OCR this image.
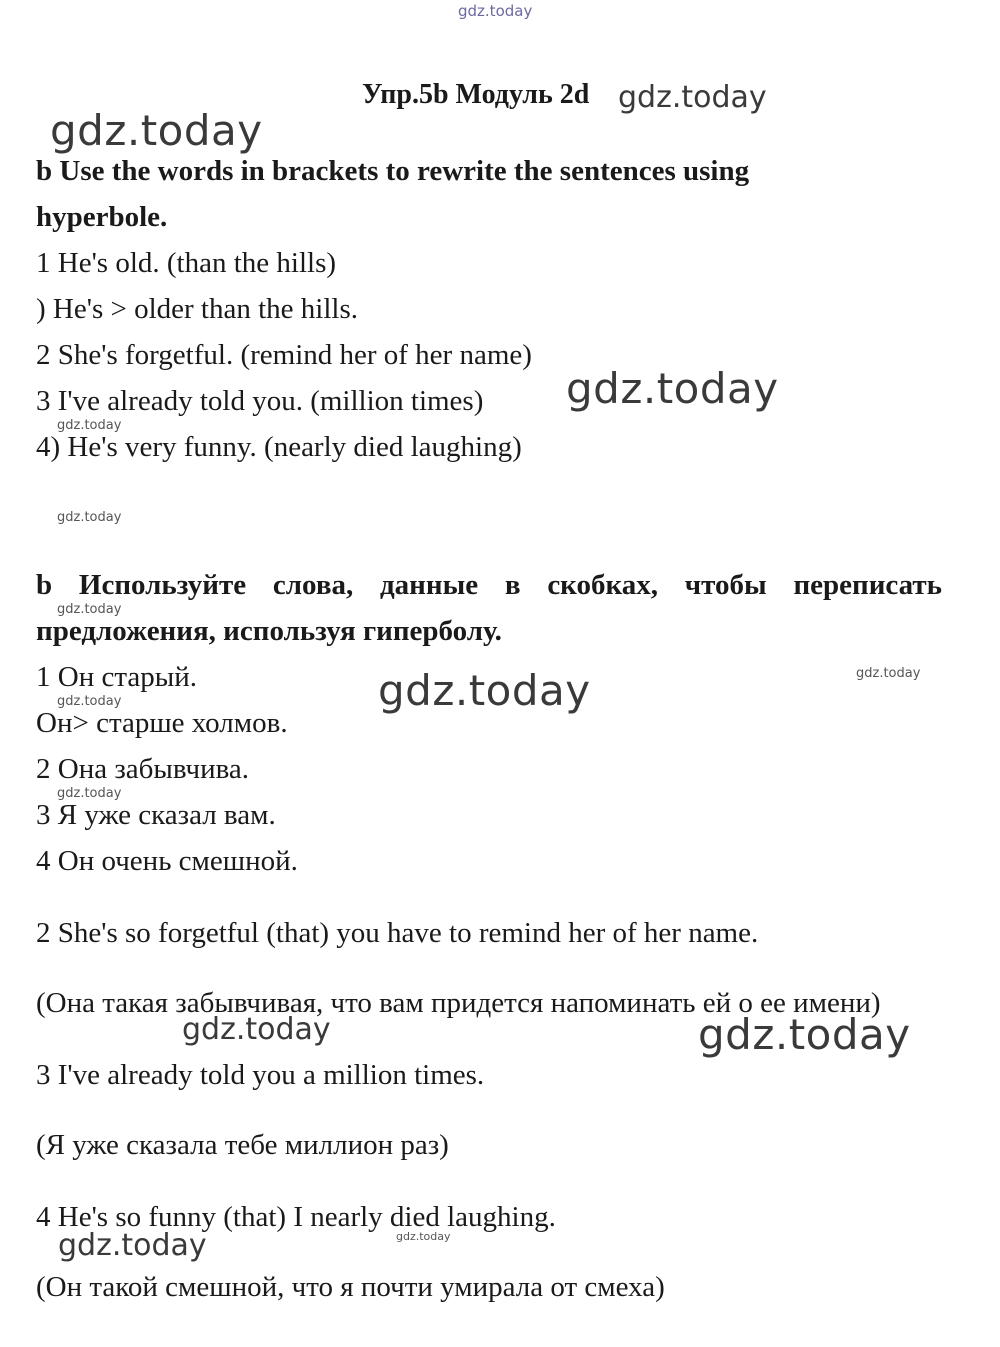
gdz.today
gdz.today
gdz.today
gdz.today
gdz.today
gdz.today
gdz.today
gdz.today
gdz.today
gdz.today
gdz.today
gdz.today	gdz.today
gdz.today
gdz.today

Упр.5b Модуль 2d

b Use the words in brackets to rewrite the sentences using

hyperbole.

1 He's old. (than the hills)

) He's > older than the hills.

2 She's forgetful. (remind her of her name)

3 I've already told you. (million times)

4) He's very funny. (nearly died laughing)

b Используйте слова, данные в скобках, чтобы переписать

предложения, используя гиперболу.

1 Он старый.

Он> старше холмов.

2 Она забывчива.

3 Я уже сказал вам.

4 Он очень смешной.

2 She's so forgetful (that) you have to remind her of her name.

(Она такая забывчивая, что вам придется напоминать ей о ее имени)

3 I've already told you a million times.

(Я уже сказала тебе миллион раз)

4 He's so funny (that) I nearly died laughing.

(Он такой смешной, что я почти умирала от смеха)
